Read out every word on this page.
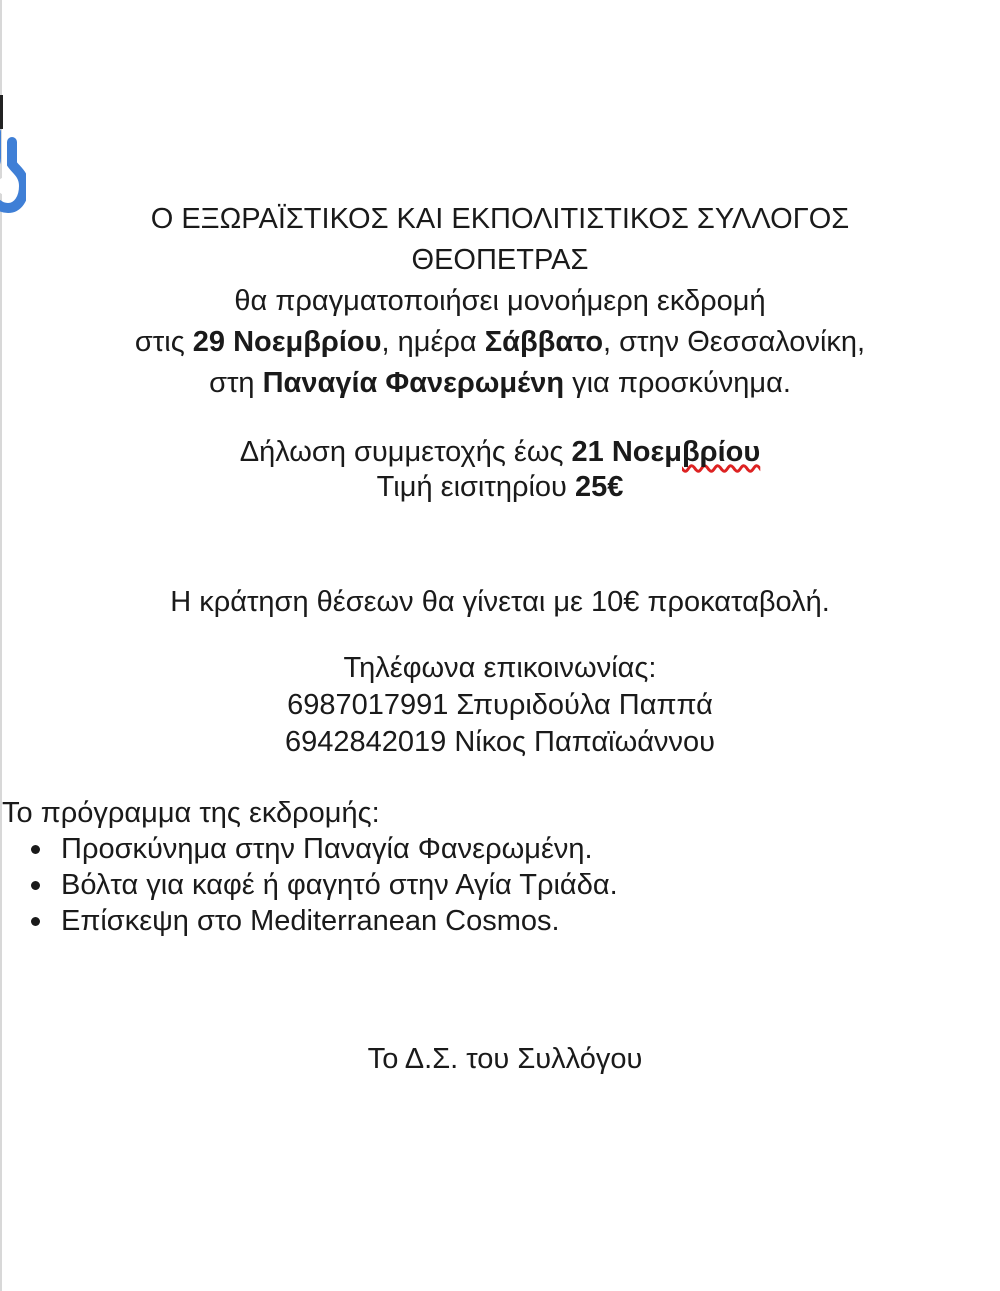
Ο ΕΞΩΡΑΪΣΤΙΚΟΣ ΚΑΙ ΕΚΠΟΛΙΤΙΣΤΙΚΟΣ ΣΥΛΛΟΓΟΣ

ΘΕΟΠΕΤΡΑΣ

θα πραγματοποιήσει μονοήμερη εκδρομή

στις 29 Νοεμβρίου, ημέρα Σάββατο, στην Θεσσαλονίκη,

στη Παναγία Φανερωμένη για προσκύνημα.

Δήλωση συμμετοχής έως 21 Νοεμβρίου

Τιμή εισιτηρίου 25€

Η κράτηση θέσεων θα γίνεται με 10€ προκαταβολή.

Τηλέφωνα επικοινωνίας:

6987017991 Σπυριδούλα Παππά

6942842019 Νίκος Παπαϊωάννου

Το πρόγραμμα της εκδρομής:
Προσκύνημα στην Παναγία Φανερωμένη.
Βόλτα για καφέ ή φαγητό στην Αγία Τριάδα.
Επίσκεψη στο Mediterranean Cosmos.

Το Δ.Σ. του Συλλόγου
